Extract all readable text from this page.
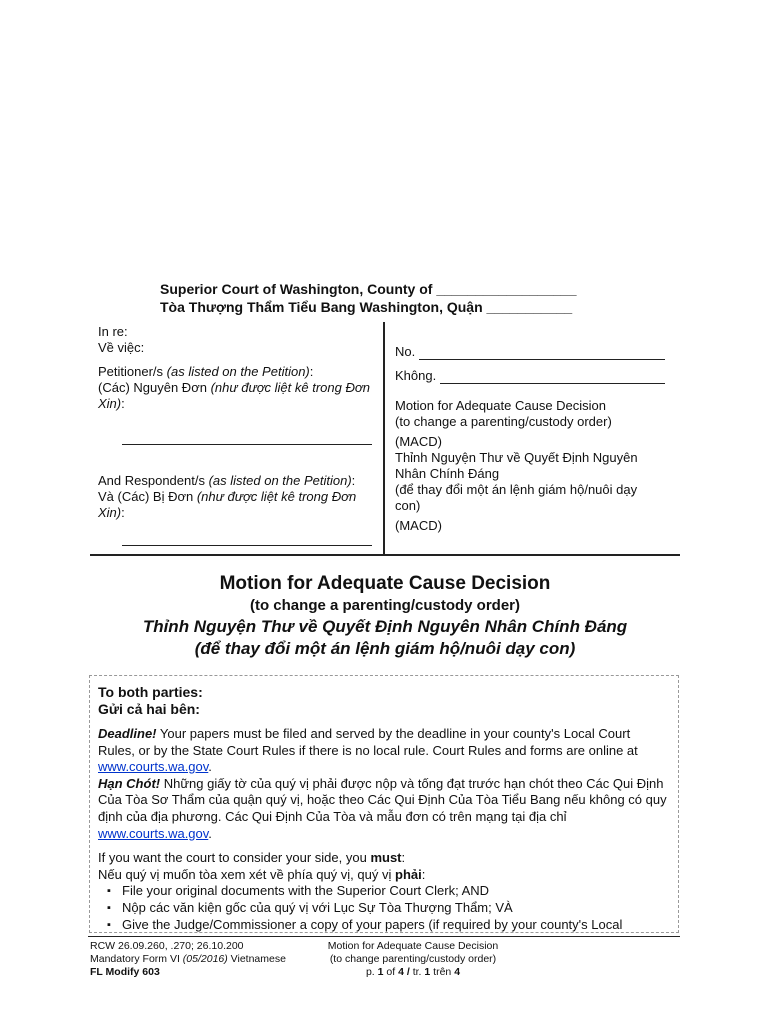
Superior Court of Washington, County of __________________
Tòa Thượng Thẩm Tiểu Bang Washington, Quận ___________

In re:
Về việc:

Petitioner/s (as listed on the Petition):
(Các) Nguyên Đơn (như được liệt kê trong Đơn Xin):

And Respondent/s (as listed on the Petition):
Và (Các) Bị Đơn (như được liệt kê trong Đơn Xin):

No.
Không.

Motion for Adequate Cause Decision

(to change a parenting/custody order)

(MACD)

Thỉnh Nguyện Thư về Quyết Định Nguyên Nhân Chính Đáng

(để thay đổi một án lệnh giám hộ/nuôi dạy con)

(MACD)

Motion for Adequate Cause Decision
(to change a parenting/custody order)
Thỉnh Nguyện Thư về Quyết Định Nguyên Nhân Chính Đáng
(để thay đổi một án lệnh giám hộ/nuôi dạy con)
To both parties:
Gửi cả hai bên:

Deadline! Your papers must be filed and served by the deadline in your county's Local Court Rules, or by the State Court Rules if there is no local rule. Court Rules and forms are online at www.courts.wa.gov.

Hạn Chót! Những giấy tờ của quý vị phải được nộp và tống đạt trước hạn chót theo Các Qui Định Của Tòa Sơ Thẩm của quận quý vị, hoặc theo Các Qui Định Của Tòa Tiểu Bang nếu không có quy định của địa phương. Các Qui Định Của Tòa và mẫu đơn có trên mạng tại địa chỉ www.courts.wa.gov.

If you want the court to consider your side, you must:

Nếu quý vị muốn tòa xem xét về phía quý vị, quý vị phải:

▪ File your original documents with the Superior Court Clerk; AND
▪ Nộp các văn kiện gốc của quý vị với Lục Sự Tòa Thượng Thẩm; VÀ
▪ Give the Judge/Commissioner a copy of your papers (if required by your county's Local
RCW 26.09.260, .270; 26.10.200
Mandatory Form VI (05/2016) Vietnamese
FL Modify 603
Motion for Adequate Cause Decision
(to change parenting/custody order)
p. 1 of 4 / tr. 1 trên 4
